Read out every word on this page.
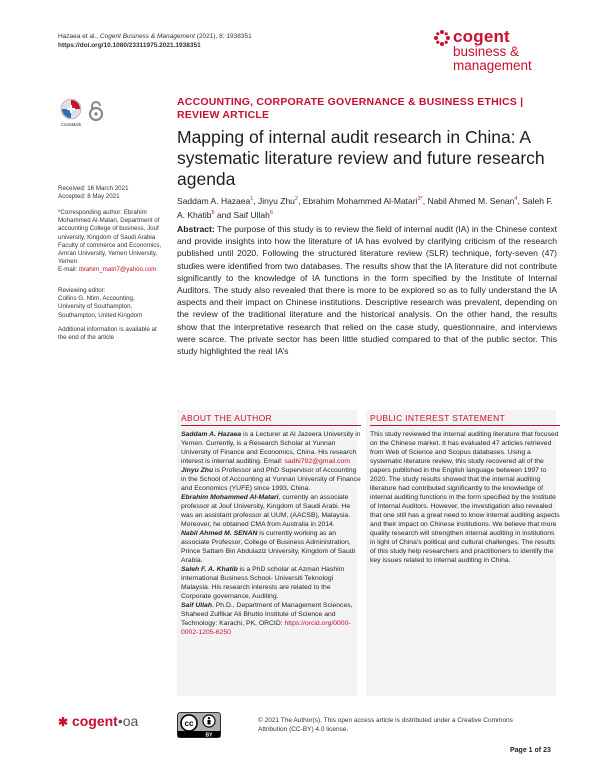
Hazaea et al., Cogent Business & Management (2021), 8: 1938351
https://doi.org/10.1080/23311975.2021.1938351	cogent
business &
management
CrossMark
ACCOUNTING, CORPORATE GOVERNANCE & BUSINESS ETHICS |
REVIEW ARTICLE
Mapping of internal audit research in China: A systematic literature review and future research agenda
Saddam A. Hazaea$^1$, Jinyu Zhu$^2$, Ebrahim Mohammed Al-Matari$^{3*}$, Nabil Ahmed M. Senan$^4$, Saleh F. A. Khatib$^5$ and Saif Ullah$^6$
Abstract: The purpose of this study is to review the field of internal audit (IA) in the Chinese context and provide insights into how the literature of IA has evolved by clarifying criticism of the research published until 2020. Following the structured literature review (SLR) technique, forty-seven (47) studies were identified from two databases. The results show that the IA literature did not contribute significantly to the knowledge of IA functions in the form specified by the Institute of Internal Auditors. The study also revealed that there is more to be explored so as to fully understand the IA aspects and their impact on Chinese institutions. Descriptive research was prevalent, depending on the review of the traditional literature and the historical analysis. On the other hand, the results show that the interpretative research that relied on the case study, questionnaire, and interviews were scarce. The private sector has been little studied compared to that of the public sector. This study highlighted the real IA’s
Received: 16 March 2021
Accepted: 8 May 2021
*Corresponding author: Ebrahim Mohammed Al-Matari, Department of accounting College of business, Jouf university, Kingdom of Saudi Arabia Faculty of commerce and Economics, Amran University, Yemen University, Yemen
E-mail: ibrahim_matri7@yahoo.com
Reviewing editor:
Collins G. Ntim, Accounting, University of Southampton, Southampton, United Kingdom
Additional information is available at the end of the article
ABOUT THE AUTHOR

Saddam A. Hazaea is a Lecturer at Al Jazeera University in Yemen. Currently, is a Research Scholar at Yunnan University of Finance and Economics, China. His research interest is internal auditing. Email: sadhi792@gmail.com

Jinyu Zhu is Professor and PhD Supervisor of Accounting in the School of Accounting at Yunnan University of Finance and Economics (YUFE) since 1993, China.

Ebrahim Mohammed Al-Matari, currently an associate professor at Jouf University, Kingdom of Saudi Arabi. He was an assistant professor at UUM, (AACSB), Malaysia. Moreover, he obtained CMA from Australia in 2014.

Nabil Ahmed M. SENAN is currently working as an associate Professor, College of Business Administration, Prince Sattam Bin Abdulaziz University, Kingdom of Saudi Arabia.

Saleh F. A. Khatib is a PhD scholar at Azman Hashim International Business School- Universiti Teknologi Malaysia. His research interests are related to the Corporate governance, Auditing.

Saif Ullah, Ph.D., Department of Management Sciences, Shaheed Zulfikar Ali Bhutto Institute of Science and Technology: Karachi, PK, ORCID: https://orcid.org/0000-0002-1205-6250

PUBLIC INTEREST STATEMENT
This study reviewed the internal auditing literature that focused on the Chinese market. It has evaluated 47 articles retrieved from Web of Science and Scopus databases. Using a systematic literature review, this study recovered all of the papers published in the English language between 1997 to 2020. The study results showed that the internal auditing literature had contributed significantly to the knowledge of internal auditing functions in the form specified by the Institute of Internal Auditors. However, the investigation also revealed that one still has a great need to know internal auditing aspects and their impact on Chinese institutions. We believe that more quality research will strengthen internal auditing in institutions in light of China’s political and cultural challenges. The results of this study help researchers and practitioners to identify the key issues related to internal auditing in China.
✱ cogent•oa	cc
BY
© 2021 The Author(s). This open access article is distributed under a Creative Commons
Attribution (CC-BY) 4.0 license.
Page 1 of 23
